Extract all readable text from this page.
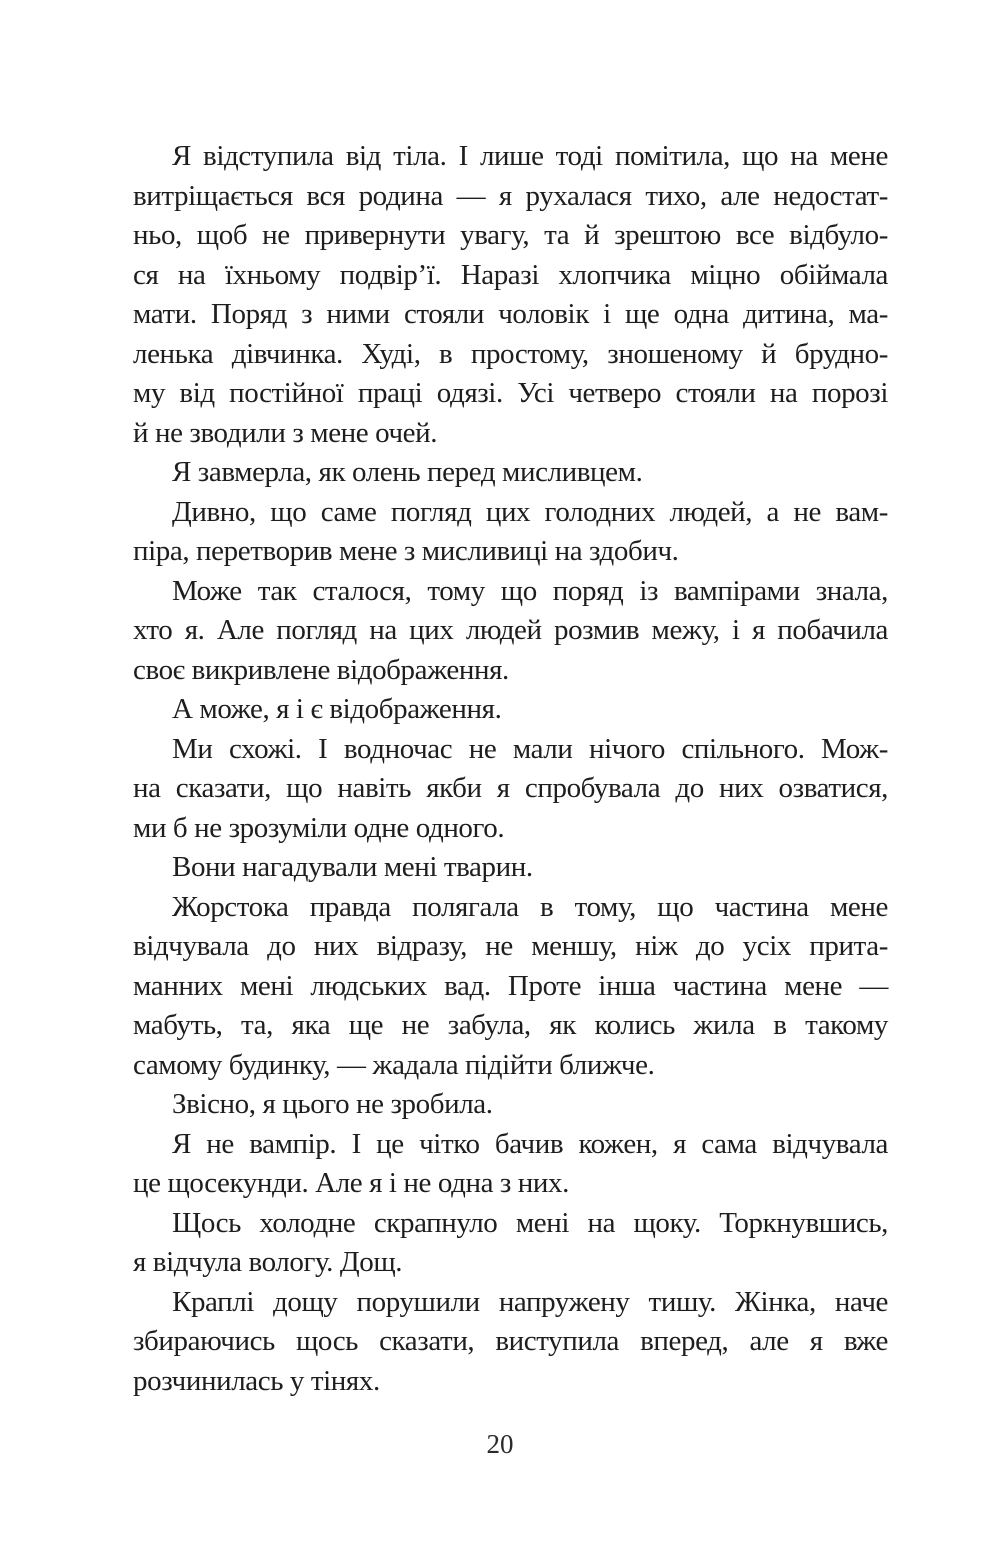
Я відступила від тіла. І лише тоді помітила, що на мене
витріщається вся родина — я рухалася тихо, але недостат-
ньо, щоб не привернути увагу, та й зрештою все відбуло-
ся на їхньому подвір’ї. Наразі хлопчика міцно обіймала
мати. Поряд з ними стояли чоловік і ще одна дитина, ма-
ленька дівчинка. Худі, в простому, зношеному й брудно-
му від постійної праці одязі. Усі четверо стояли на порозі
й не зводили з мене очей.
Я завмерла, як олень перед мисливцем.
Дивно, що саме погляд цих голодних людей, а не вам-
піра, перетворив мене з мисливиці на здобич.
Може так сталося, тому що поряд із вампірами знала,
хто я. Але погляд на цих людей розмив межу, і я побачила
своє викривлене відображення.
А може, я і є відображення.
Ми схожі. І водночас не мали нічого спільного. Мож-
на сказати, що навіть якби я спробувала до них озватися,
ми б не зрозуміли одне одного.
Вони нагадували мені тварин.
Жорстока правда полягала в тому, що частина мене
відчувала до них відразу, не меншу, ніж до усіх прита-
манних мені людських вад. Проте інша частина мене —
мабуть, та, яка ще не забула, як колись жила в такому
самому будинку, — жадала підійти ближче.
Звісно, я цього не зробила.
Я не вампір. І це чітко бачив кожен, я сама відчувала
це щосекунди. Але я і не одна з них.
Щось холодне скрапнуло мені на щоку. Торкнувшись,
я відчула вологу. Дощ.
Краплі дощу порушили напружену тишу. Жінка, наче
збираючись щось сказати, виступила вперед, але я вже
розчинилась у тінях.
20
